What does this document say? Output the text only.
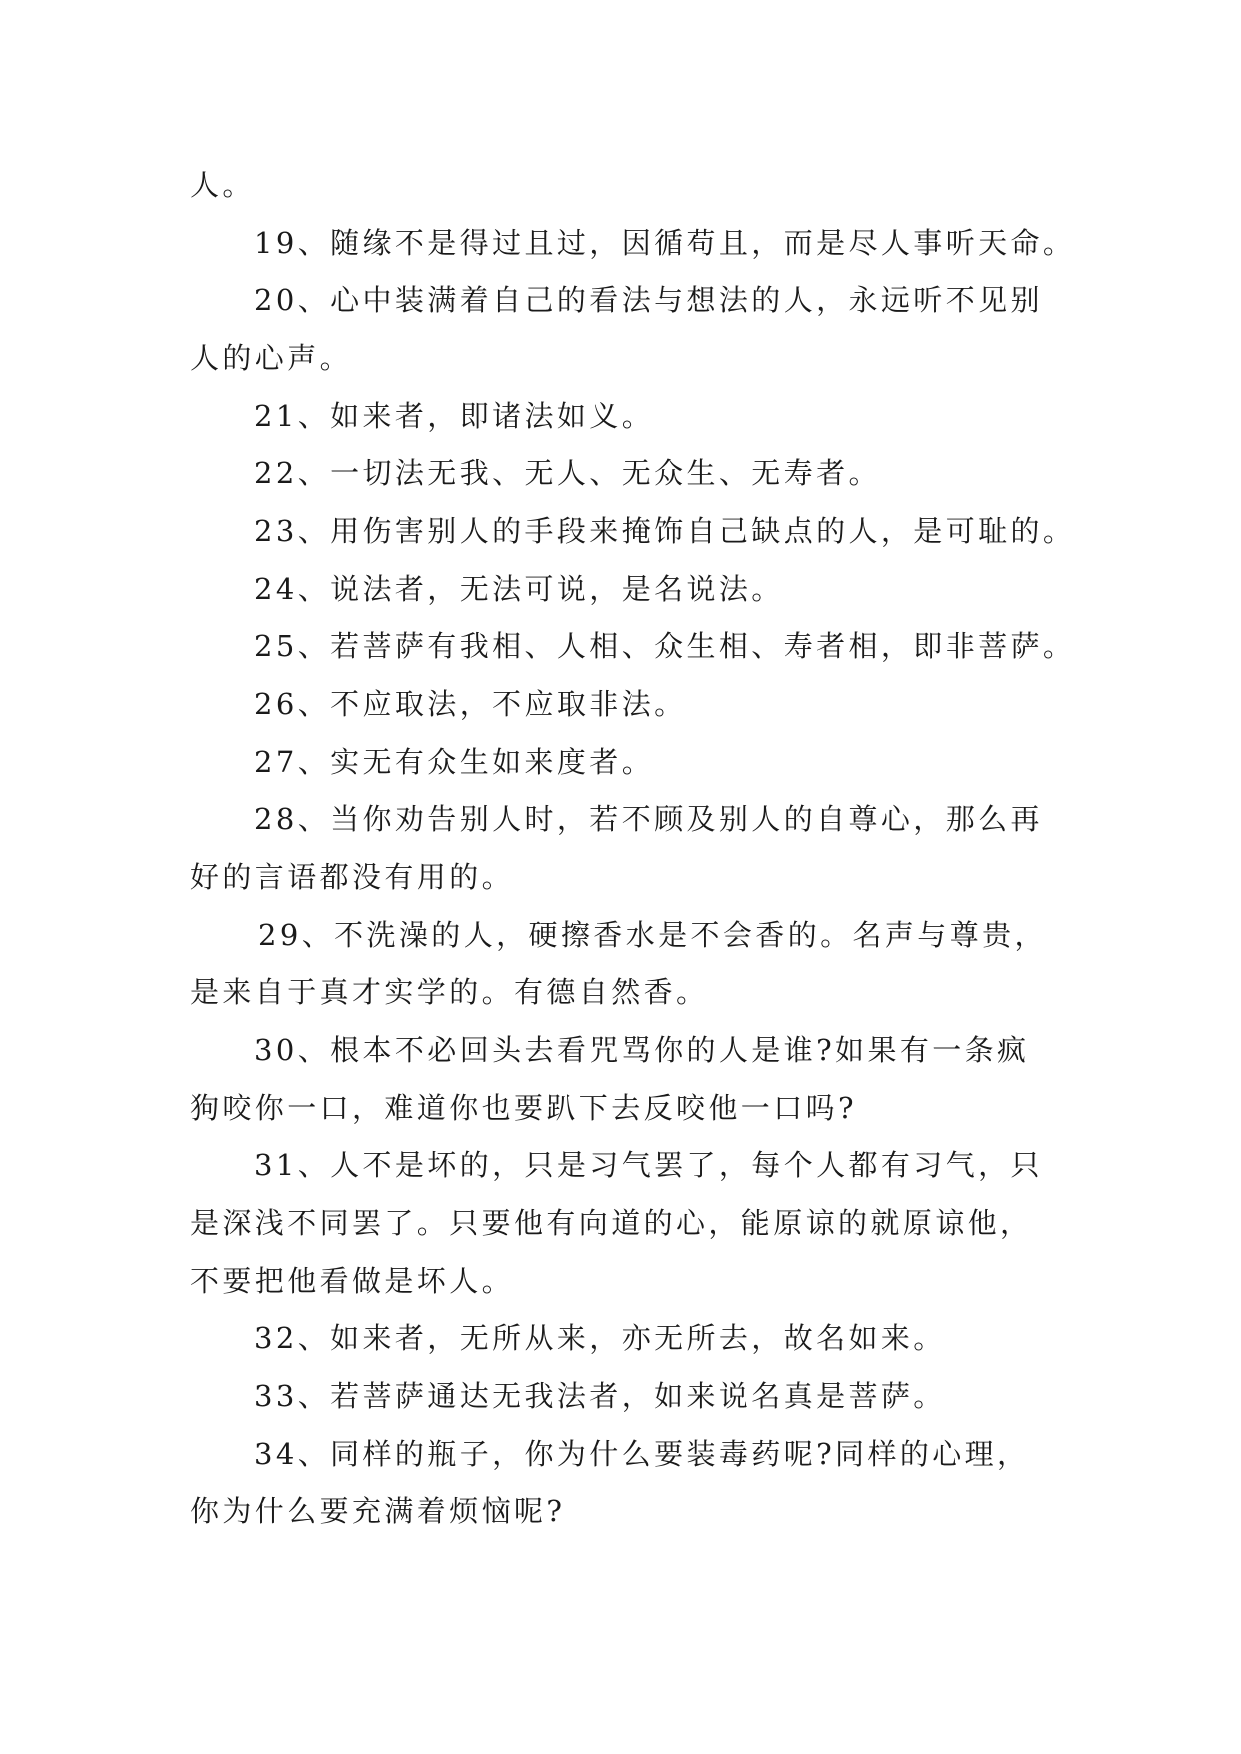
人。
19、随缘不是得过且过，因循苟且，而是尽人事听天命。
20、心中装满着自己的看法与想法的人，永远听不见别
人的心声。
21、如来者，即诸法如义。
22、一切法无我、无人、无众生、无寿者。
23、用伤害别人的手段来掩饰自己缺点的人，是可耻的。
24、说法者，无法可说，是名说法。
25、若菩萨有我相、人相、众生相、寿者相，即非菩萨。
26、不应取法，不应取非法。
27、实无有众生如来度者。
28、当你劝告别人时，若不顾及别人的自尊心，那么再
好的言语都没有用的。
29、不洗澡的人，硬擦香水是不会香的。名声与尊贵，
是来自于真才实学的。有德自然香。
30、根本不必回头去看咒骂你的人是谁?如果有一条疯
狗咬你一口，难道你也要趴下去反咬他一口吗?
31、人不是坏的，只是习气罢了，每个人都有习气，只
是深浅不同罢了。只要他有向道的心，能原谅的就原谅他，
不要把他看做是坏人。
32、如来者，无所从来，亦无所去，故名如来。
33、若菩萨通达无我法者，如来说名真是菩萨。
34、同样的瓶子，你为什么要装毒药呢?同样的心理，
你为什么要充满着烦恼呢?
